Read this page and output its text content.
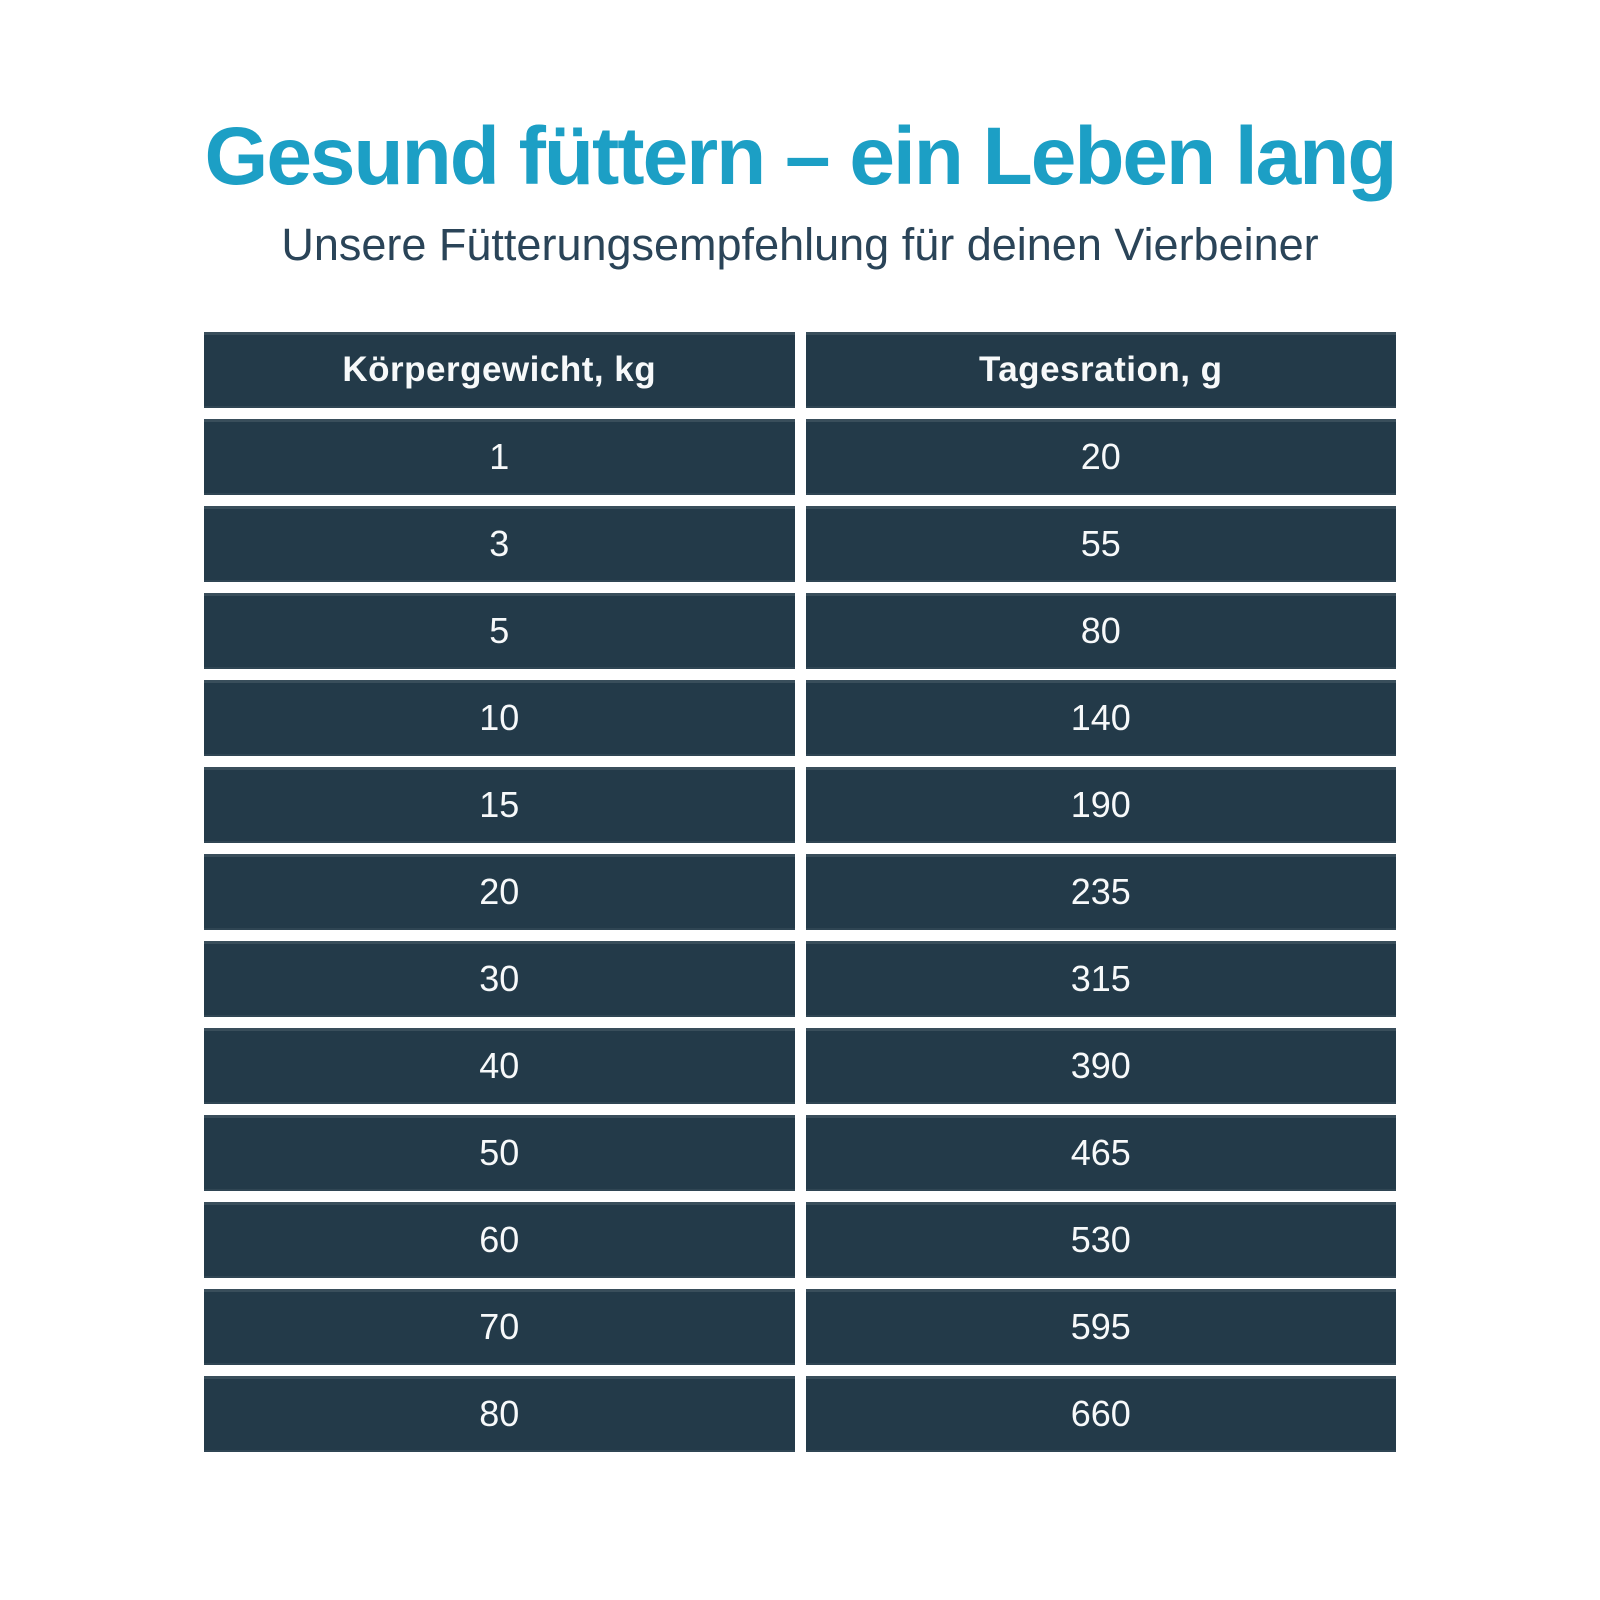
Gesund füttern – ein Leben lang
Unsere Fütterungsempfehlung für deinen Vierbeiner
Körpergewicht, kg	Tagesration, g
1	20
3	55
5	80
10	140
15	190
20	235
30	315
40	390
50	465
60	530
70	595
80	660
